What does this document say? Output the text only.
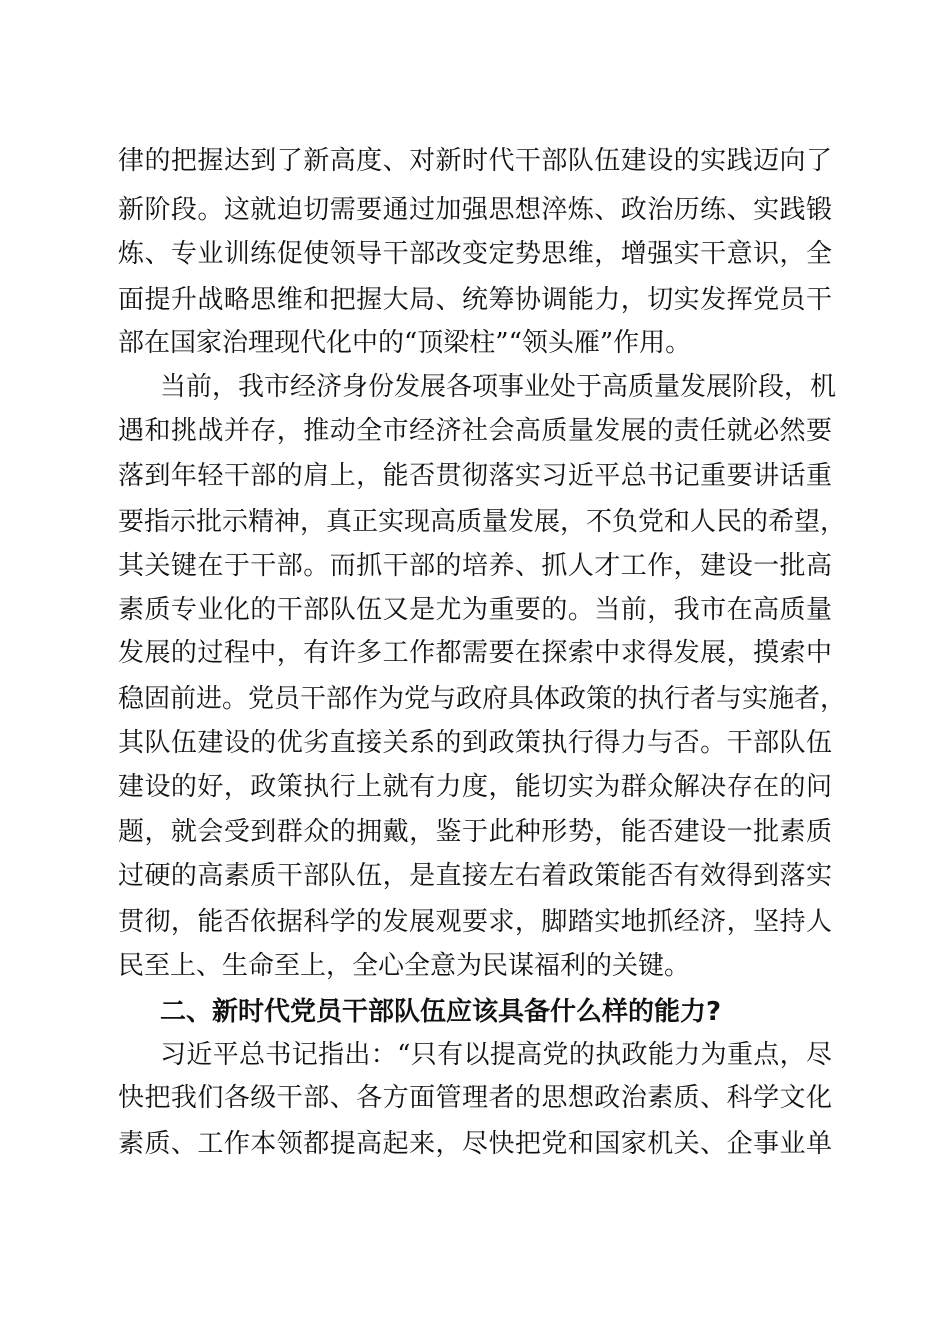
律的把握达到了新高度、对新时代干部队伍建设的实践迈向了
新阶段。这就迫切需要通过加强思想淬炼、政治历练、实践锻
炼、专业训练促使领导干部改变定势思维，增强实干意识，全
面提升战略思维和把握大局、统筹协调能力，切实发挥党员干
部在国家治理现代化中的“顶梁柱”“领头雁”作用。
当前，我市经济身份发展各项事业处于高质量发展阶段，机
遇和挑战并存，推动全市经济社会高质量发展的责任就必然要
落到年轻干部的肩上，能否贯彻落实习近平总书记重要讲话重
要指示批示精神，真正实现高质量发展，不负党和人民的希望，
其关键在于干部。而抓干部的培养、抓人才工作，建设一批高
素质专业化的干部队伍又是尤为重要的。当前，我市在高质量
发展的过程中，有许多工作都需要在探索中求得发展，摸索中
稳固前进。党员干部作为党与政府具体政策的执行者与实施者，
其队伍建设的优劣直接关系的到政策执行得力与否。干部队伍
建设的好，政策执行上就有力度，能切实为群众解决存在的问
题，就会受到群众的拥戴，鉴于此种形势，能否建设一批素质
过硬的高素质干部队伍，是直接左右着政策能否有效得到落实
贯彻，能否依据科学的发展观要求，脚踏实地抓经济，坚持人
民至上、生命至上，全心全意为民谋福利的关键。
二、新时代党员干部队伍应该具备什么样的能力?
习近平总书记指出：“只有以提高党的执政能力为重点，尽
快把我们各级干部、各方面管理者的思想政治素质、科学文化
素质、工作本领都提高起来，尽快把党和国家机关、企事业单
